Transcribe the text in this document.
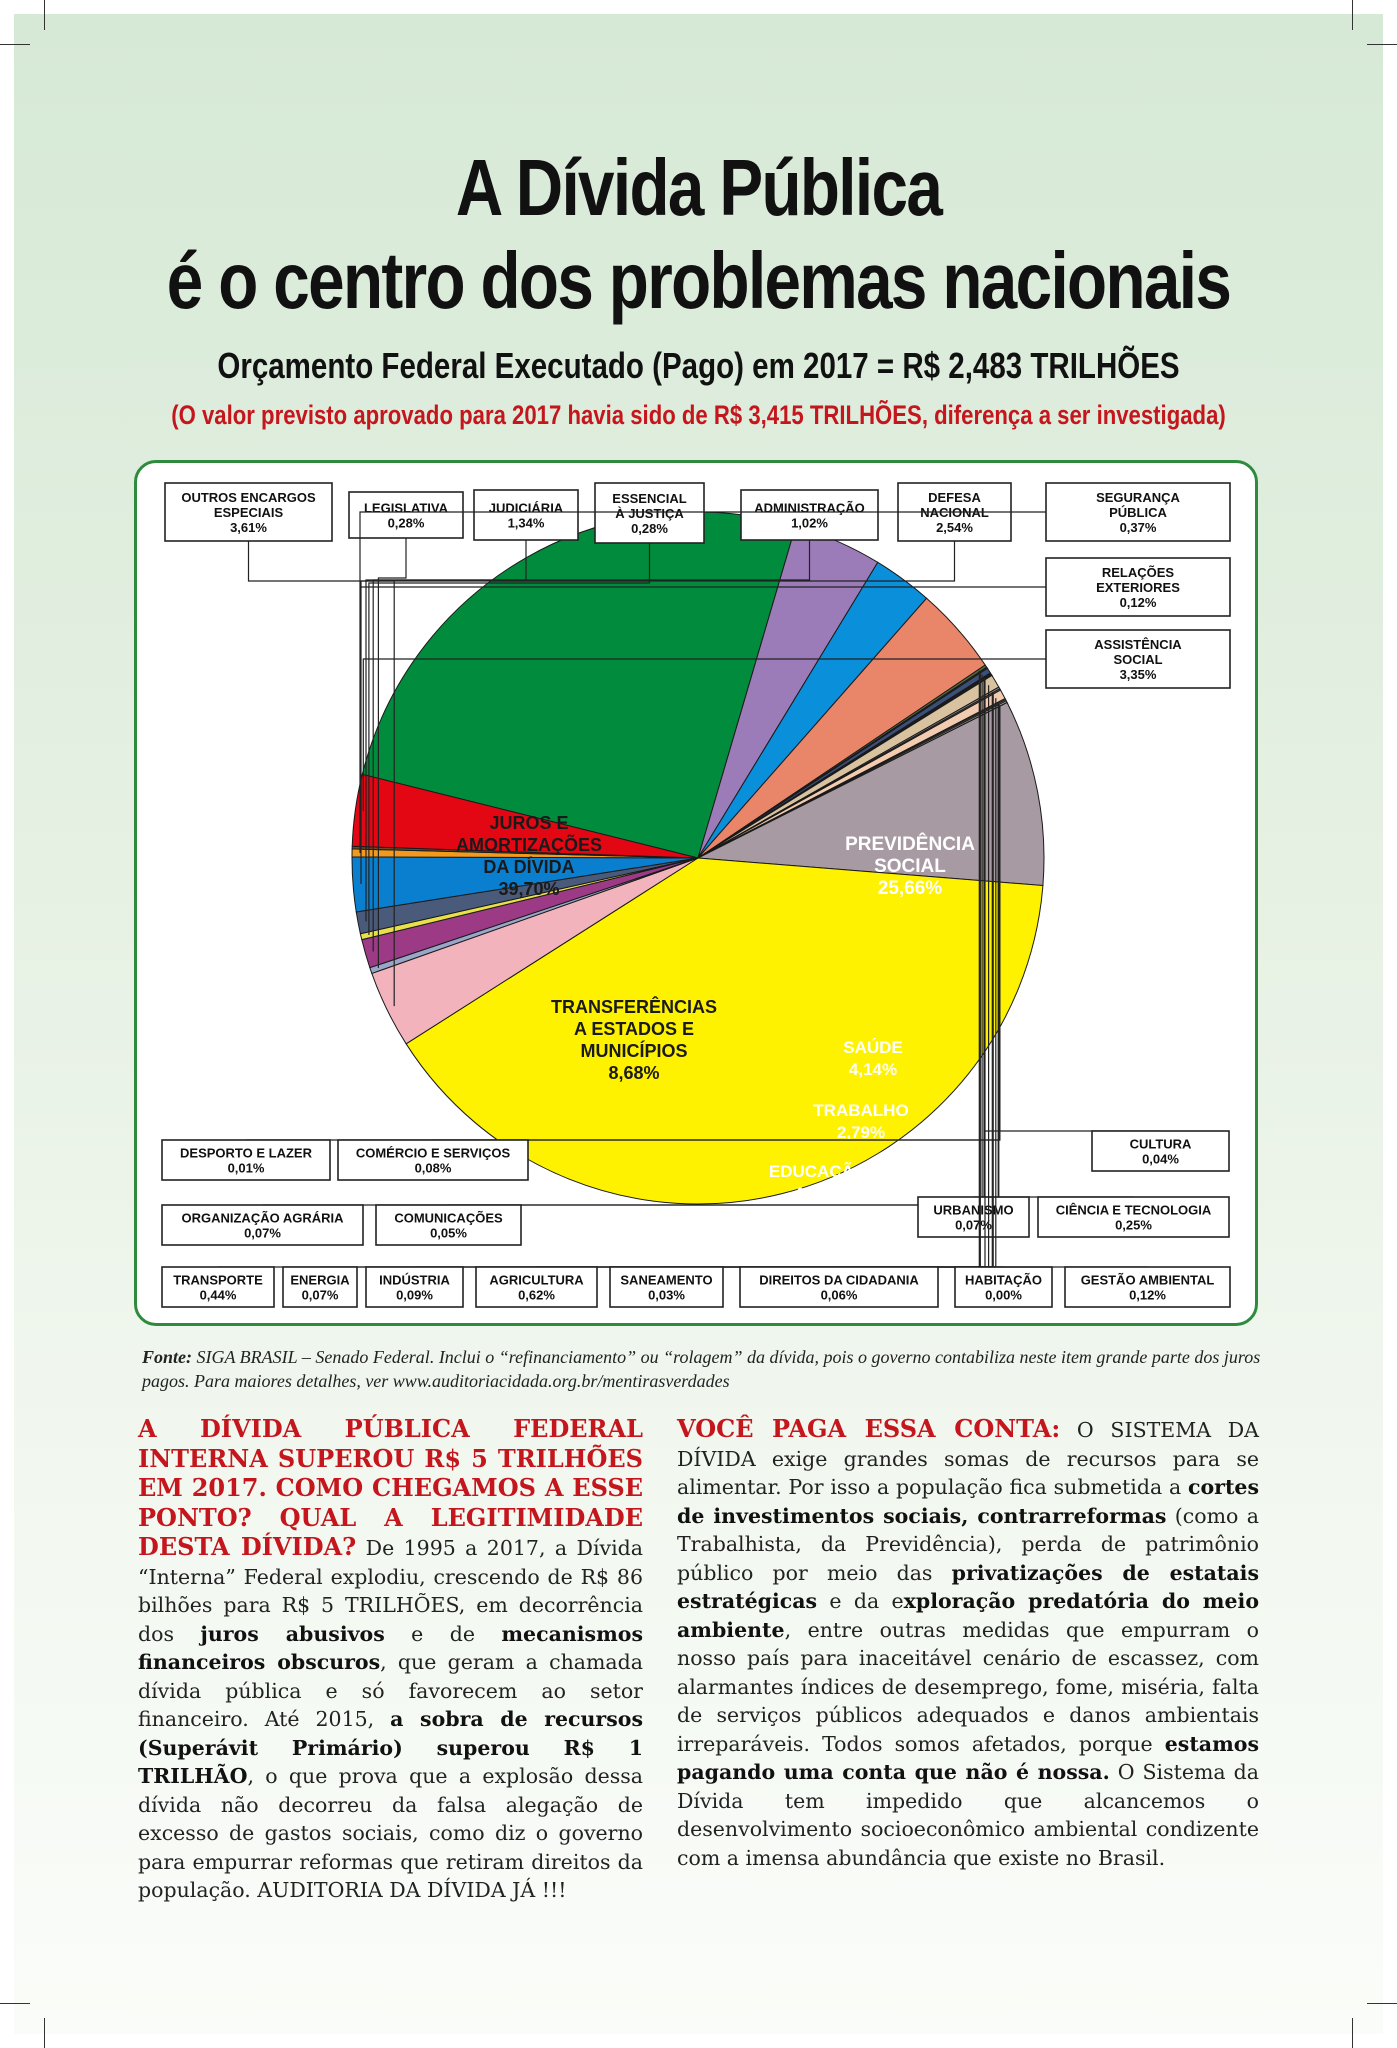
A Dívida Pública
é o centro dos problemas nacionais
Orçamento Federal Executado (Pago) em 2017 = R$ 2,483 TRILHÕES
(O valor previsto aprovado para 2017 havia sido de R$ 3,415 TRILHÕES, diferença a ser investigada)
PREVIDÊNCIA
SOCIAL
25,66%
SAÚDE
4,14%
TRABALHO
2,79%
EDUCAÇÃO
4,10%
TRANSFERÊNCIAS
A ESTADOS E
MUNICÍPIOS
8,68%
JUROS E
AMORTIZAÇÕES
DA DÍVIDA
39,70%
OUTROS ENCARGOS
ESPECIAIS
3,61%
LEGISLATIVA
0,28%
JUDICIÁRIA
1,34%
ESSENCIAL
À JUSTIÇA
0,28%
ADMINISTRAÇÃO
1,02%
DEFESA
NACIONAL
2,54%
SEGURANÇA
PÚBLICA
0,37%
RELAÇÕES
EXTERIORES
0,12%
ASSISTÊNCIA
SOCIAL
3,35%
DESPORTO E LAZER
0,01%
COMÉRCIO E SERVIÇOS
0,08%
ORGANIZAÇÃO AGRÁRIA
0,07%
COMUNICAÇÕES
0,05%
CULTURA
0,04%
URBANISMO
0,07%
CIÊNCIA E TECNOLOGIA
0,25%
TRANSPORTE
0,44%
ENERGIA
0,07%
INDÚSTRIA
0,09%
AGRICULTURA
0,62%
SANEAMENTO
0,03%
DIREITOS DA CIDADANIA
0,06%
HABITAÇÃO
0,00%
GESTÃO AMBIENTAL
0,12%
Fonte: SIGA BRASIL – Senado Federal. Inclui o “refinanciamento” ou “rolagem” da dívida, pois o governo contabiliza neste item grande parte dos juros pagos. Para maiores detalhes, ver www.auditoriacidada.org.br/mentirasverdades
A DÍVIDA PÚBLICA FEDERAL INTERNA SUPEROU R$ 5 TRILHÕES EM 2017. COMO CHEGAMOS A ESSE PONTO? QUAL A LEGITIMIDADE DESTA DÍVIDA? De 1995 a 2017, a Dívida “Interna” Federal explodiu, crescendo de R$ 86 bilhões para R$ 5 TRILHÕES, em decorrência dos juros abusivos e de mecanismos financeiros obscuros, que geram a chamada dívida pública e só favorecem ao setor financeiro. Até 2015, a sobra de recursos (Superávit Primário) superou R$ 1 TRILHÃO, o que prova que a explosão dessa dívida não decorreu da falsa alegação de excesso de gastos sociais, como diz o governo para empurrar reformas que retiram direitos da população. AUDITORIA DA DÍVIDA JÁ !!!
VOCÊ PAGA ESSA CONTA: O SISTEMA DA DÍVIDA exige grandes somas de recursos para se alimentar. Por isso a população fica submetida a cortes de investimentos sociais, contrarreformas (como a Trabalhista, da Previdência), perda de patrimônio público por meio das privatizações de estatais estratégicas e da exploração predatória do meio ambiente, entre outras medidas que empurram o nosso país para inaceitável cenário de escassez, com alarmantes índices de desemprego, fome, miséria, falta de serviços públicos adequados e danos ambientais irreparáveis. Todos somos afetados, porque estamos pagando uma conta que não é nossa. O Sistema da Dívida tem impedido que alcancemos o desenvolvimento socioeconômico ambiental condizente com a imensa abundância que existe no Brasil.
